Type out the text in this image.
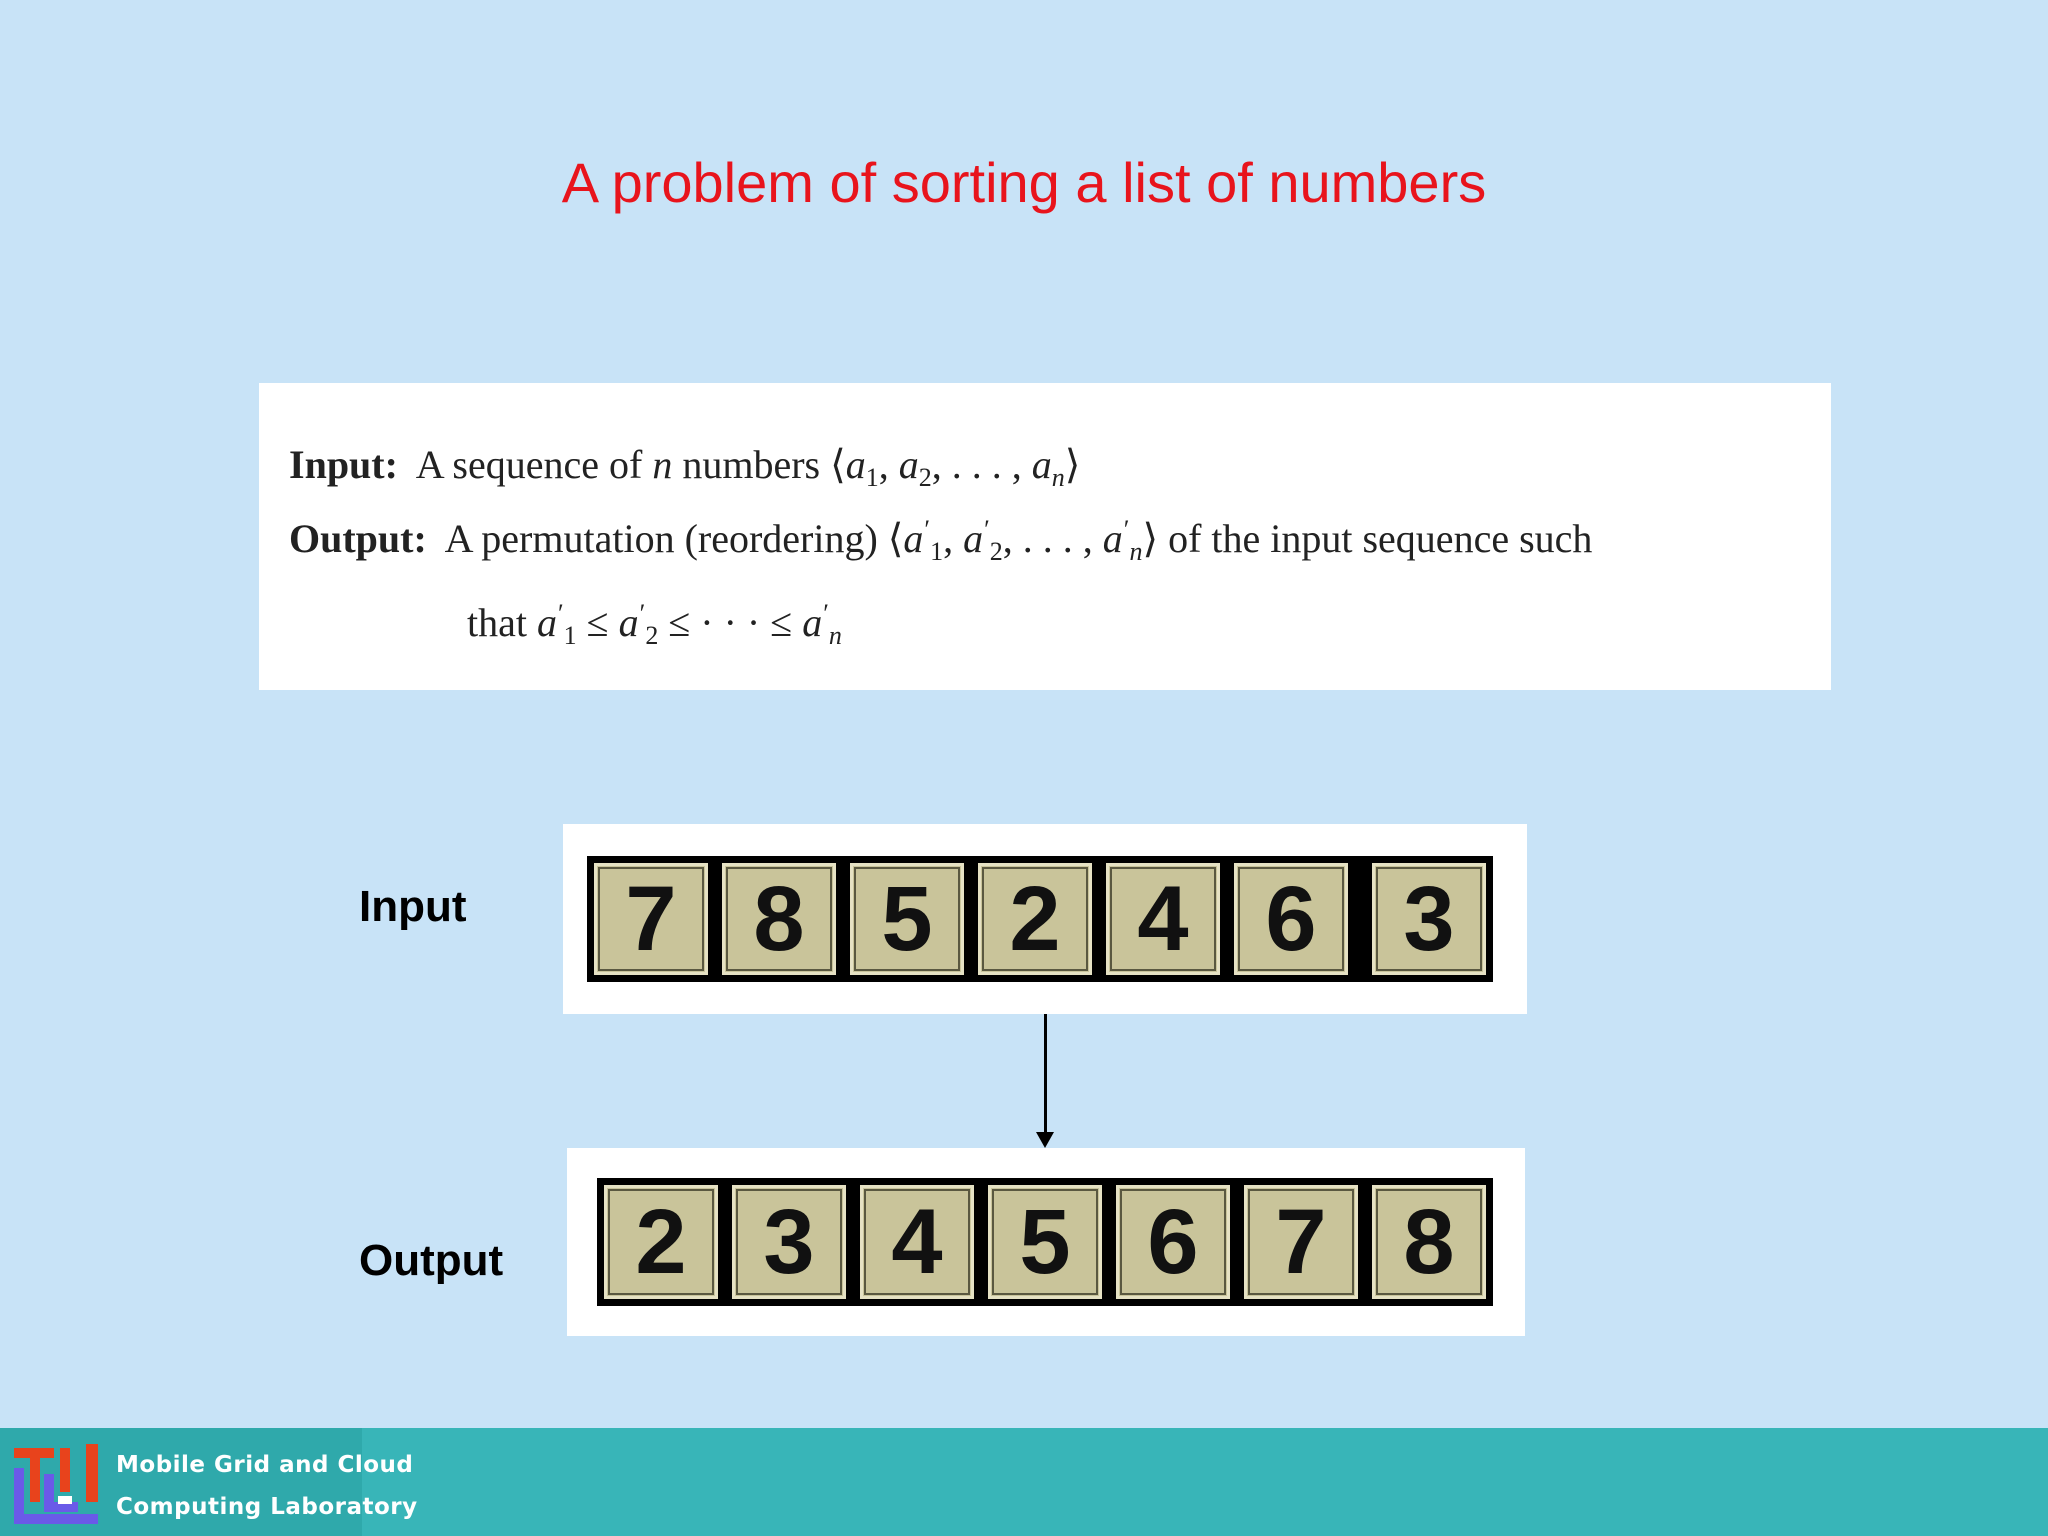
A problem of sorting a list of numbers
Input:  A sequence of n numbers $⟨a_1$, $a_2$, . . . , $a_n⟩$
Output:  A permutation (reordering) $⟨a'_1$, $a'_2$, . . . , $a'_n⟩$ of the input sequence such
that $a'_1 \le a'_2$ ≤ · · · ≤ $a'_n$
Input
Output
7 8 5 2 4 6 3
2 3 4 5 6 7 8
Mobile Grid and Cloud
Computing Laboratory
